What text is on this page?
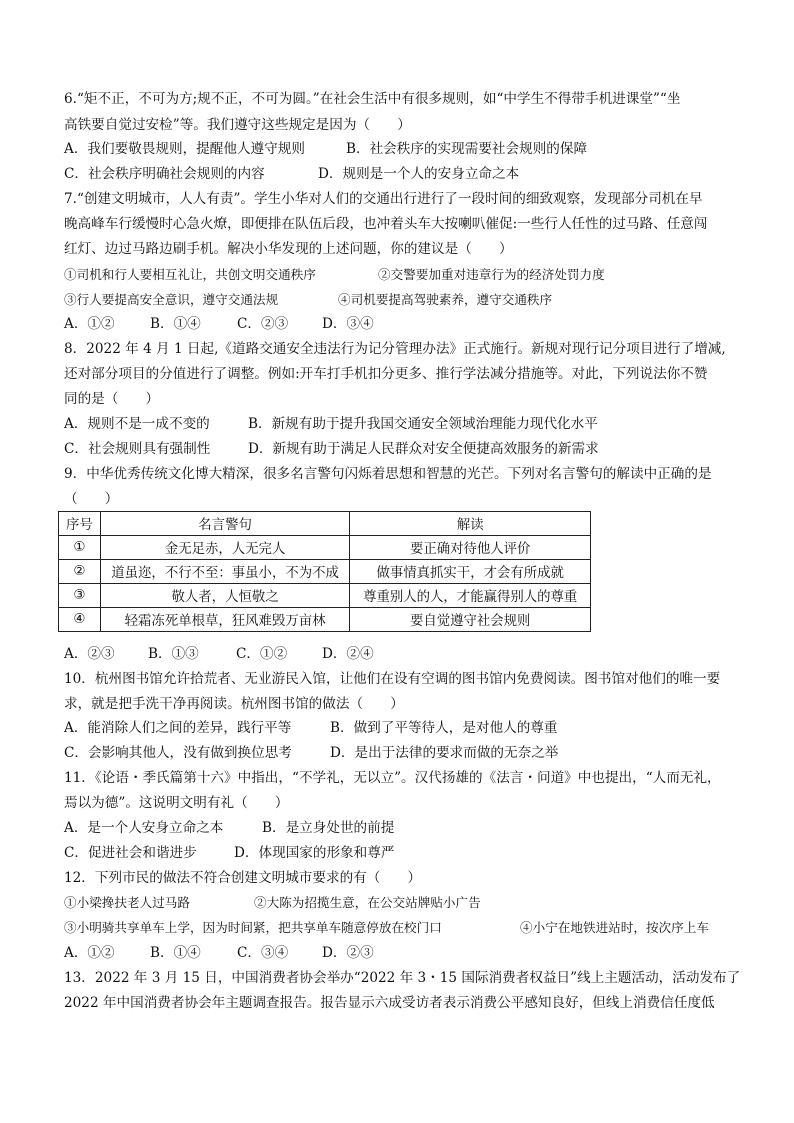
6.“矩不正，不可为方;规不正，不可为圆。”在社会生活中有很多规则，如“中学生不得带手机进课堂”“坐
高铁要自觉过安检”等。我们遵守这些规定是因为（　　）
A．我们要敬畏规则，提醒他人遵守规则	B．社会秩序的实现需要社会规则的保障
C．社会秩序明确社会规则的内容	D．规则是一个人的安身立命之本
7.“创建文明城市，人人有责”。学生小华对人们的交通出行进行了一段时间的细致观察，发现部分司机在早
晚高峰车行缓慢时心急火燎，即便排在队伍后段，也冲着头车大按喇叭催促:一些行人任性的过马路、任意闯
红灯、边过马路边刷手机。解决小华发现的上述问题，你的建议是（　　）
①司机和行人要相互礼让，共创文明交通秩序	②交警要加重对违章行为的经济处罚力度
③行人要提高安全意识，遵守交通法规	④司机要提高驾驶素养，遵守交通秩序
A．①②	B．①④	C．②③ D．③④
8．2022 年 4 月 1 日起,《道路交通安全违法行为记分管理办法》正式施行。新规对现行记分项目进行了增减,
还对部分项目的分值进行了调整。例如:开车打手机扣分更多、推行学法减分措施等。对此，下列说法你不赞
同的是（　　）
A．规则不是一成不变的	B．新规有助于提升我国交通安全领域治理能力现代化水平
C．社会规则具有强制性	D．新规有助于满足人民群众对安全便捷高效服务的新需求
9．中华优秀传统文化博大精深，很多名言警句闪烁着思想和智慧的光芒。下列对名言警句的解读中正确的是
（　　）
序号	名言警句	解读
①	金无足赤，人无完人	要正确对待他人评价
②	道虽迩，不行不至：事虽小，不为不成	做事情真抓实干，才会有所成就
③	敬人者，人恒敬之	尊重别人的人，才能赢得别人的尊重
④	轻霜冻死单根草，狂风难毁万亩林	要自觉遵守社会规则
A．②③ B．①③	C．①②	D．②④
10．杭州图书馆允许拾荒者、无业游民入馆，让他们在设有空调的图书馆内免费阅读。图书馆对他们的唯一要
求，就是把手洗干净再阅读。杭州图书馆的做法（　　）
A．能消除人们之间的差异，践行平等	B．做到了平等待人，是对他人的尊重
C．会影响其他人，没有做到换位思考	D．是出于法律的要求而做的无奈之举
11．《论语・季氏篇第十六》中指出，“不学礼，无以立”。汉代扬雄的《法言・问道》中也提出，“人而无礼，
焉以为德”。这说明文明有礼（　　）
A．是一个人安身立命之本	B．是立身处世的前提
C．促进社会和谐进步	D．体现国家的形象和尊严
12．下列市民的做法不符合创建文明城市要求的有（　　）
①小梁搀扶老人过马路	②大陈为招揽生意，在公交站牌贴小广告
③小明骑共享单车上学，因为时间紧，把共享单车随意停放在校门口	④小宁在地铁进站时，按次序上车
A．①②	B．①④	C．③④ D．②③
13．2022 年 3 月 15 日，中国消费者协会举办“2022 年 3・15 国际消费者权益日”线上主题活动，活动发布了
2022 年中国消费者协会年主题调查报告。报告显示六成受访者表示消费公平感知良好，但线上消费信任度低
